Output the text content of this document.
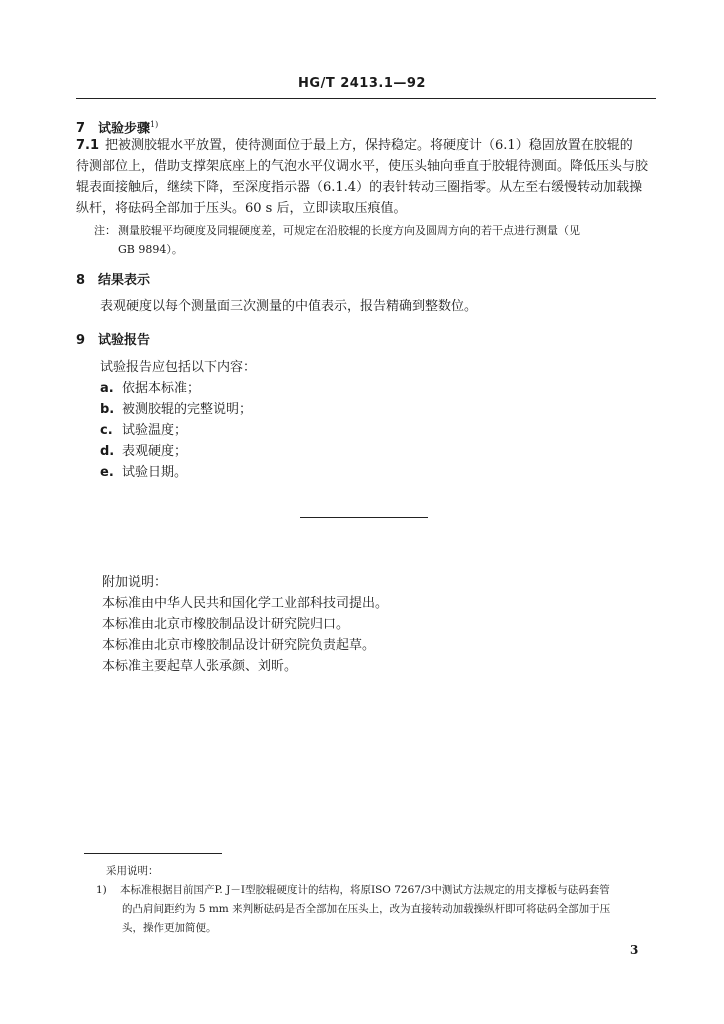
HG/T 2413.1—92
7 试验步骤$^{1)}$
7.1 把被测胶辊水平放置，使待测面位于最上方，保持稳定。将硬度计（6.1）稳固放置在胶辊的
待测部位上，借助支撑架底座上的气泡水平仪调水平，使压头轴向垂直于胶辊待测面。降低压头与胶
辊表面接触后，继续下降，至深度指示器（6.1.4）的表针转动三圈指零。从左至右缓慢转动加载操
纵杆，将砝码全部加于压头。60 s 后，立即读取压痕值。
注： 测量胶辊平均硬度及同辊硬度差，可规定在沿胶辊的长度方向及圆周方向的若干点进行测量（见
GB 9894）。
8 结果表示
表观硬度以每个测量面三次测量的中值表示，报告精确到整数位。
9 试验报告
试验报告应包括以下内容：
a. 依据本标准；
b. 被测胶辊的完整说明；
c. 试验温度；
d. 表观硬度；
e. 试验日期。
附加说明：
本标准由中华人民共和国化学工业部科技司提出。
本标准由北京市橡胶制品设计研究院归口。
本标准由北京市橡胶制品设计研究院负责起草。
本标准主要起草人张承颜、刘昕。
采用说明：
1) 本标准根据目前国产P. J－Ⅰ型胶辊硬度计的结构，将原ISO 7267/3中测试方法规定的用支撑板与砝码套管
的凸肩间距约为 5 mm 来判断砝码是否全部加在压头上，改为直接转动加载操纵杆即可将砝码全部加于压
头，操作更加简便。
3
